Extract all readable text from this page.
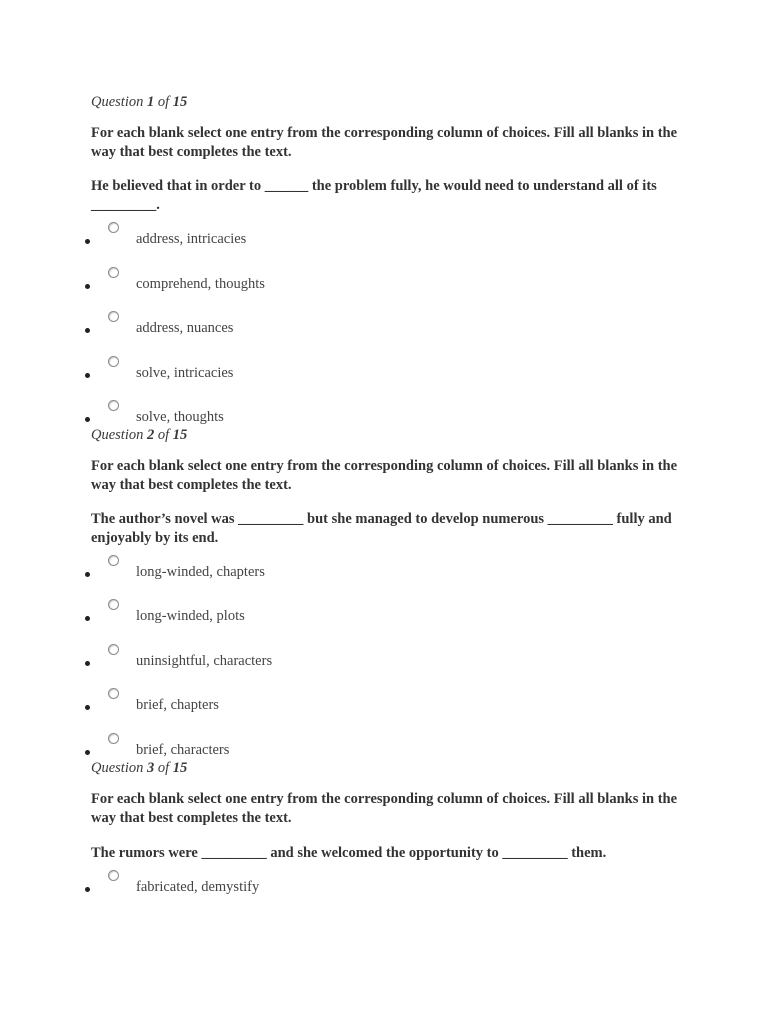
Question 1 of 15
For each blank select one entry from the corresponding column of choices. Fill all blanks in the way that best completes the text.
He believed that in order to ______ the problem fully, he would need to understand all of its _________.
address, intricacies
comprehend, thoughts
address, nuances
solve, intricacies
solve, thoughts
Question 2 of 15
For each blank select one entry from the corresponding column of choices. Fill all blanks in the way that best completes the text.
The author’s novel was _________ but she managed to develop numerous _________ fully and enjoyably by its end.
long-winded, chapters
long-winded, plots
uninsightful, characters
brief, chapters
brief, characters
Question 3 of 15
For each blank select one entry from the corresponding column of choices. Fill all blanks in the way that best completes the text.
The rumors were _________ and she welcomed the opportunity to _________ them.
fabricated, demystify
